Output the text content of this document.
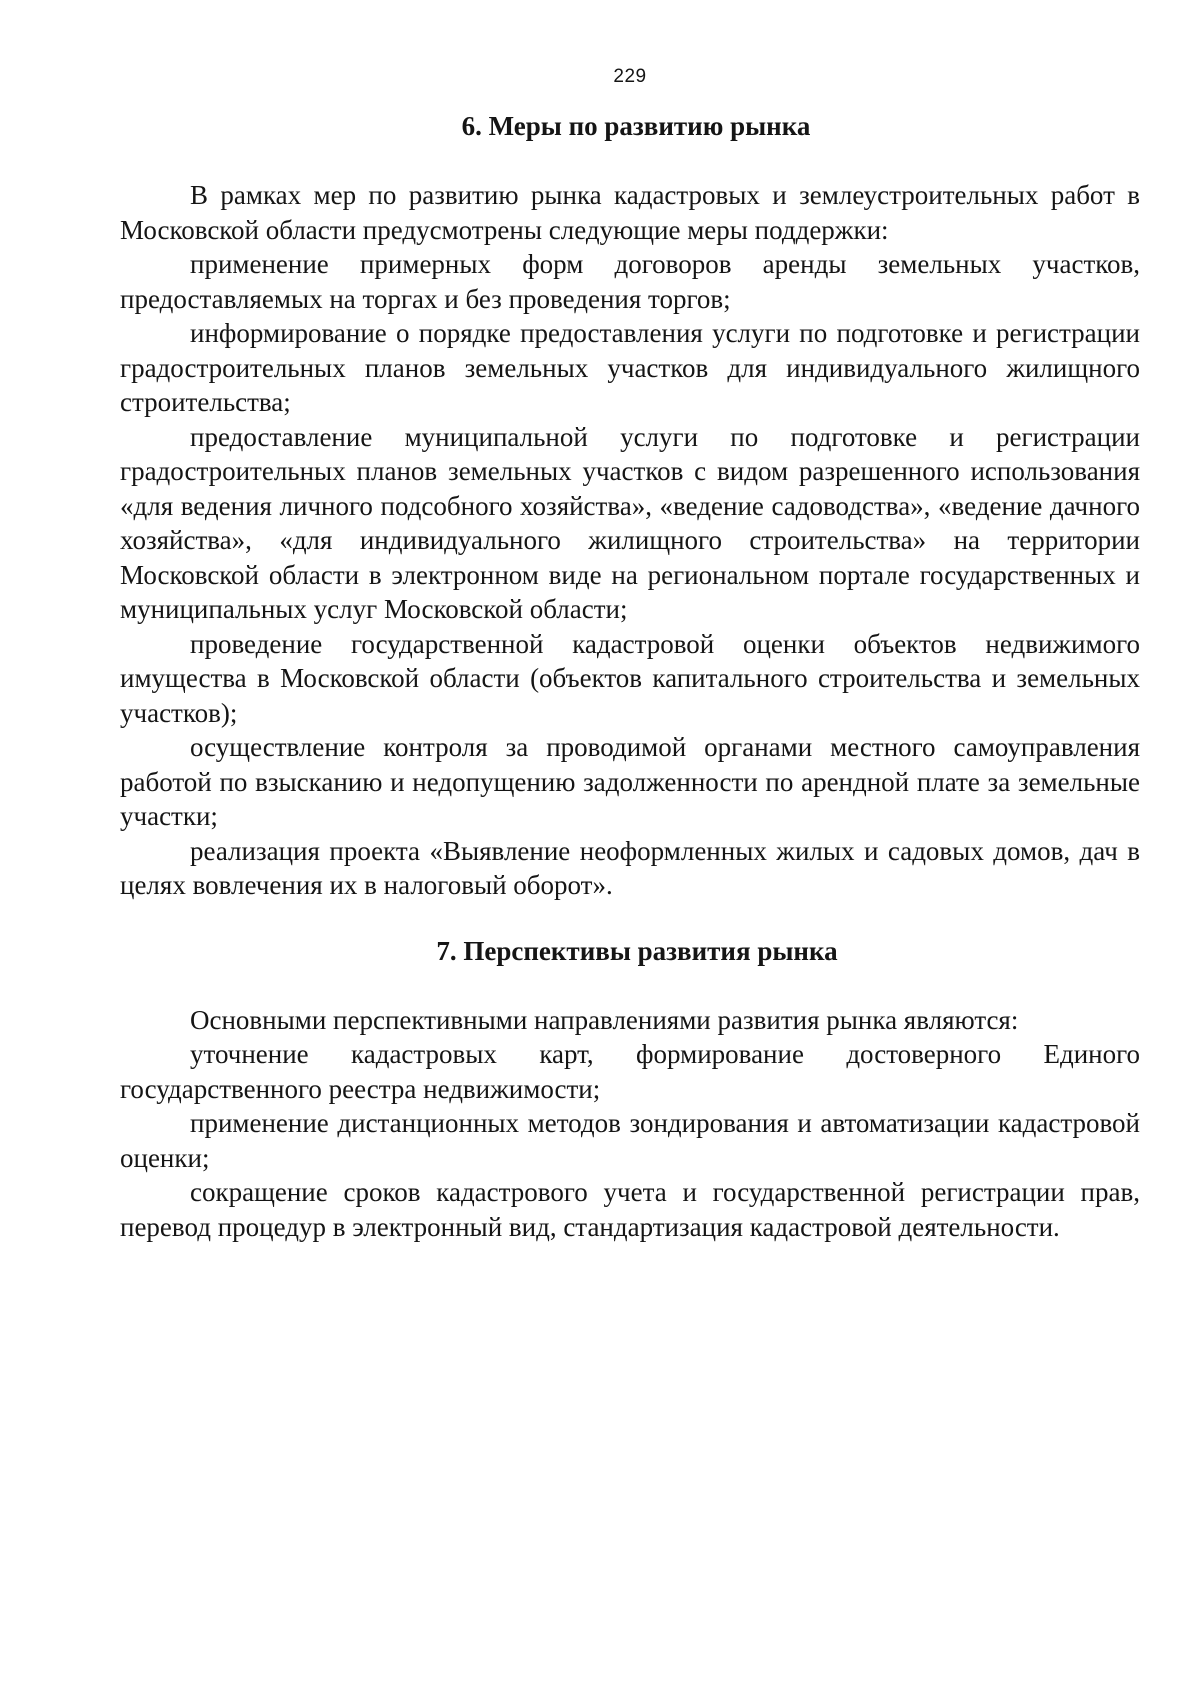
229
6. Меры по развитию рынка

В рамках мер по развитию рынка кадастровых и землеустроительных работ в Московской области предусмотрены следующие меры поддержки:

применение примерных форм договоров аренды земельных участков, предоставляемых на торгах и без проведения торгов;

информирование о порядке предоставления услуги по подготовке и регистрации градостроительных планов земельных участков для индивидуального жилищного строительства;

предоставление муниципальной услуги по подготовке и регистрации градостроительных планов земельных участков с видом разрешенного использования «для ведения личного подсобного хозяйства», «ведение садоводства», «ведение дачного хозяйства», «для индивидуального жилищного строительства» на территории Московской области в электронном виде на региональном портале государственных и муниципальных услуг Московской области;

проведение государственной кадастровой оценки объектов недвижимого имущества в Московской области (объектов капитального строительства и земельных участков);

осуществление контроля за проводимой органами местного самоуправления работой по взысканию и недопущению задолженности по арендной плате за земельные участки;

реализация проекта «Выявление неоформленных жилых и садовых домов, дач в целях вовлечения их в налоговый оборот».

7. Перспективы развития рынка

Основными перспективными направлениями развития рынка являются:

уточнение кадастровых карт, формирование достоверного Единого государственного реестра недвижимости;

применение дистанционных методов зондирования и автоматизации кадастровой оценки;

сокращение сроков кадастрового учета и государственной регистрации прав, перевод процедур в электронный вид, стандартизация кадастровой деятельности.
